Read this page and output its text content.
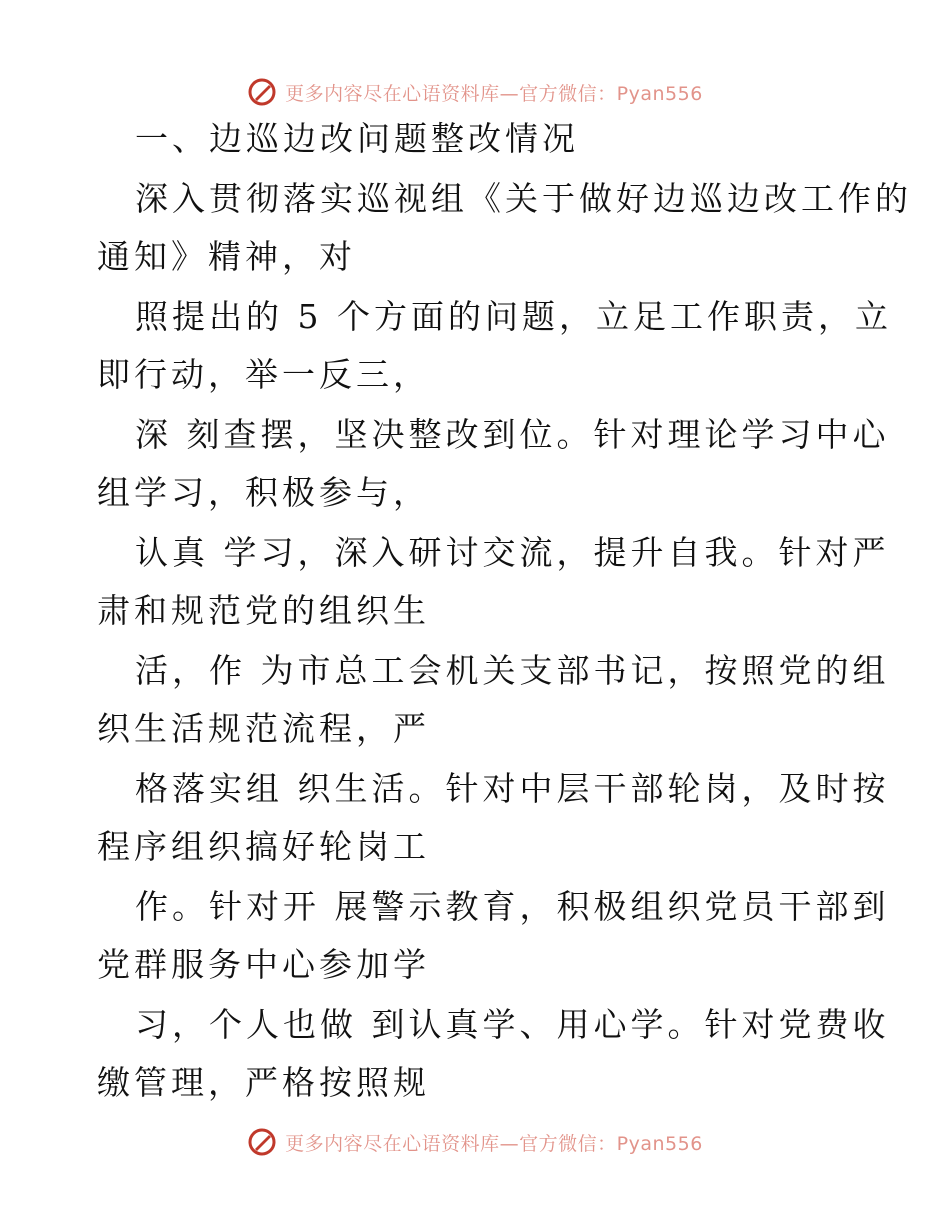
更多内容尽在心语资料库—官方微信：Pyan556
一、边巡边改问题整改情况
深入贯彻落实巡视组《关于做好边巡边改工作的
通知》精神，对
照提出的 5 个方面的问题，立足工作职责，立
即行动，举一反三，
深 刻查摆，坚决整改到位。针对理论学习中心
组学习，积极参与，
认真 学习，深入研讨交流，提升自我。针对严
肃和规范党的组织生
活，作 为市总工会机关支部书记，按照党的组
织生活规范流程，严
格落实组 织生活。针对中层干部轮岗，及时按
程序组织搞好轮岗工
作。针对开 展警示教育，积极组织党员干部到
党群服务中心参加学
习，个人也做 到认真学、用心学。针对党费收
缴管理，严格按照规
更多内容尽在心语资料库—官方微信：Pyan556
